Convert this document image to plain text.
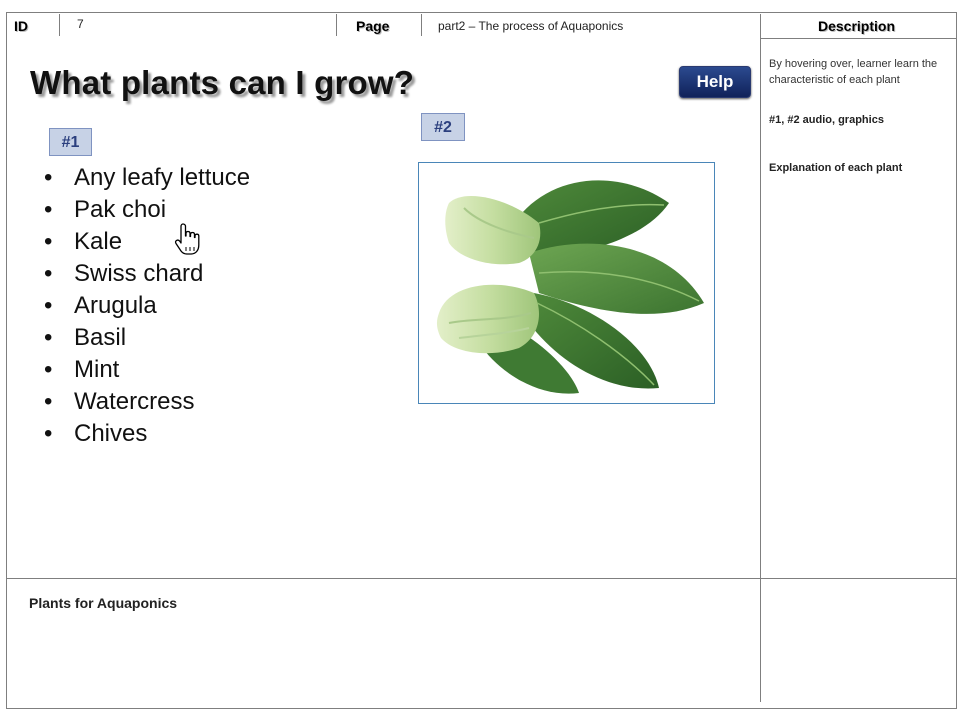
ID	7	Page	part2 – The process of Aquaponics	Description
What plants can I grow?	Help
#1
#2
• Any leafy lettuce
• Pak choi
• Kale
• Swiss chard
• Arugula
• Basil
• Mint
• Watercress
• Chives
By hovering over, learner learn the characteristic of each plant
#1, #2 audio, graphics
Explanation of each plant
Plants for Aquaponics
